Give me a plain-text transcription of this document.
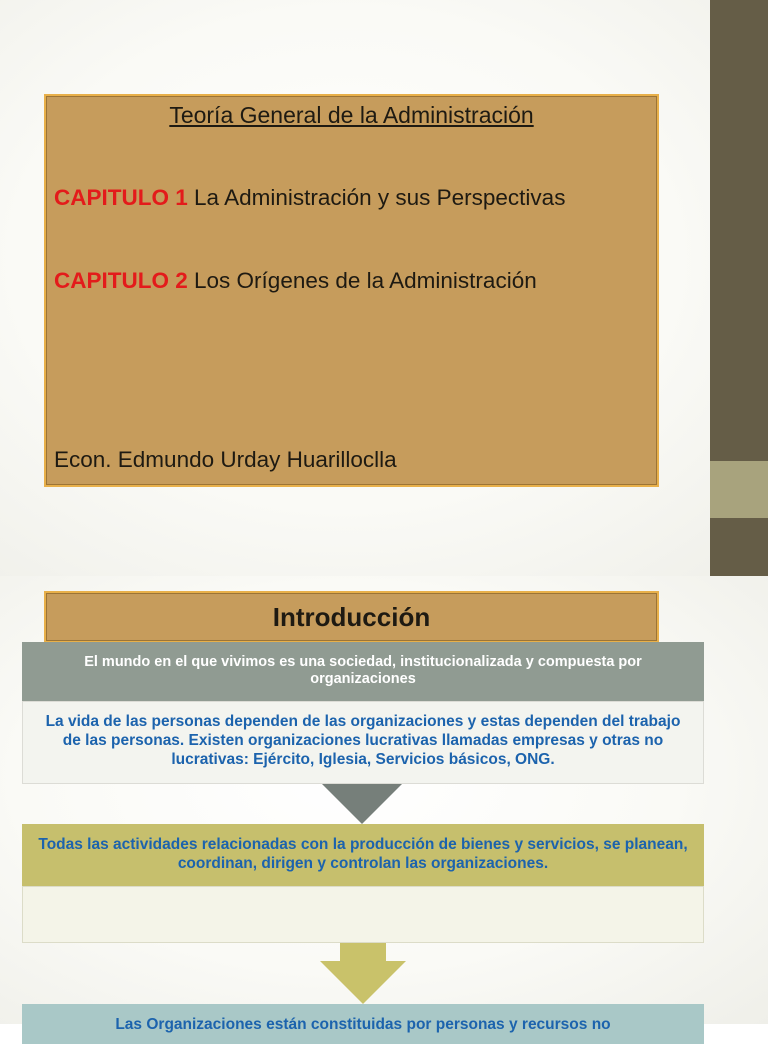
Teoría General de la Administración
CAPITULO 1 La Administración y sus Perspectivas
CAPITULO 2 Los Orígenes de la Administración
Econ. Edmundo Urday Huarilloclla
Introducción
El mundo en el que vivimos es una sociedad, institucionalizada y compuesta por organizaciones
La vida de las personas dependen de las organizaciones y estas dependen del trabajo de las personas. Existen organizaciones lucrativas llamadas empresas y otras no lucrativas: Ejército, Iglesia, Servicios básicos, ONG.
Todas las actividades relacionadas con la producción de bienes y servicios, se planean, coordinan, dirigen y controlan las organizaciones.
Las Organizaciones están constituidas por personas y recursos no
